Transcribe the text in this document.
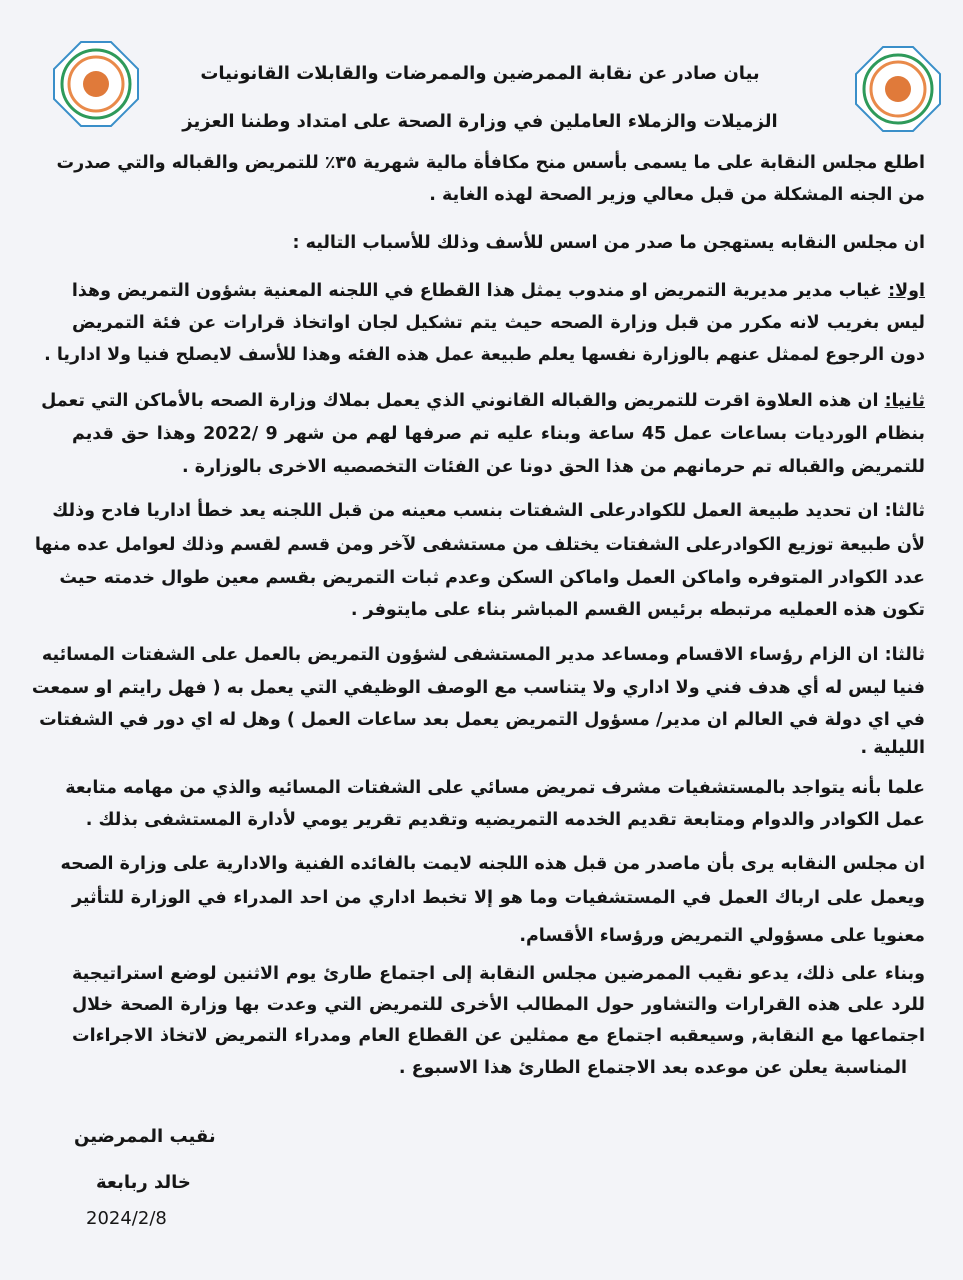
بيان صادر عن نقابة الممرضين والممرضات والقابلات القانونيات
الزميلات والزملاء العاملين في وزارة الصحة على امتداد وطننا العزيز
اطلع مجلس النقابة على ما يسمى بأسس منح مكافأة مالية شهرية ٣٥٪ للتمريض والقباله والتي صدرت
من الجنه المشكلة من قبل معالي وزير الصحة لهذه الغاية .
ان مجلس النقابه يستهجن ما صدر من اسس للأسف وذلك للأسباب التاليه :
اولا: غياب مدير مديرية التمريض او مندوب يمثل هذا القطاع في اللجنه المعنية بشؤون التمريض وهذا
ليس بغريب لانه مكرر من قبل وزارة الصحه حيث يتم تشكيل لجان اواتخاذ قرارات عن فئة التمريض
دون الرجوع لممثل عنهم بالوزارة نفسها يعلم طبيعة عمل هذه الفئه وهذا للأسف لايصلح فنيا ولا اداريا .
ثانيا: ان هذه العلاوة اقرت للتمريض والقباله القانوني الذي يعمل بملاك وزارة الصحه بالأماكن التي تعمل
بنظام الورديات بساعات عمل 45 ساعة وبناء عليه تم صرفها لهم من شهر 9 /2022 وهذا حق قديم
للتمريض والقباله تم حرمانهم من هذا الحق دونا عن الفئات التخصصيه الاخرى بالوزارة .
ثالثا: ان تحديد طبيعة العمل للكوادرعلى الشفتات بنسب معينه من قبل اللجنه يعد خطأ اداريا فادح وذلك
لأن طبيعة توزيع الكوادرعلى الشفتات يختلف من مستشفى لآخر ومن قسم لقسم وذلك لعوامل عده منها
عدد الكوادر المتوفره واماكن العمل واماكن السكن وعدم ثبات التمريض بقسم معين طوال خدمته حيث
تكون هذه العمليه مرتبطه برئيس القسم المباشر بناء على مايتوفر .
ثالثا: ان الزام رؤساء الاقسام ومساعد مدير المستشفى لشؤون التمريض بالعمل على الشفتات المسائيه
فنيا ليس له أي هدف فني ولا اداري ولا يتناسب مع الوصف الوظيفي التي يعمل به ( فهل رايتم او سمعت
في اي دولة في العالم ان مدير/ مسؤول التمريض يعمل بعد ساعات العمل ) وهل له اي دور في الشفتات
الليلية .
علما بأنه يتواجد بالمستشفيات مشرف تمريض مسائي على الشفتات المسائيه والذي من مهامه متابعة
عمل الكوادر والدوام ومتابعة تقديم الخدمه التمريضيه وتقديم تقرير يومي لأدارة المستشفى بذلك .
ان مجلس النقابه يرى بأن ماصدر من قبل هذه اللجنه لايمت بالفائده الفنية والادارية على وزارة الصحه
ويعمل على ارباك العمل في المستشفيات وما هو إلا تخبط اداري من احد المدراء في الوزارة للتأثير
معنويا على مسؤولي التمريض ورؤساء الأقسام.
وبناء على ذلك، يدعو نقيب الممرضين مجلس النقابة إلى اجتماع طارئ يوم الاثنين لوضع استراتيجية
للرد على هذه القرارات والتشاور حول المطالب الأخرى للتمريض التي وعدت بها وزارة الصحة خلال
اجتماعها مع النقابة, وسيعقبه اجتماع مع ممثلين عن القطاع العام ومدراء التمريض لاتخاذ الاجراءات
المناسبة يعلن عن موعده بعد الاجتماع الطارئ هذا الاسبوع .
نقيب الممرضين
خالد ربابعة
2024/2/8
